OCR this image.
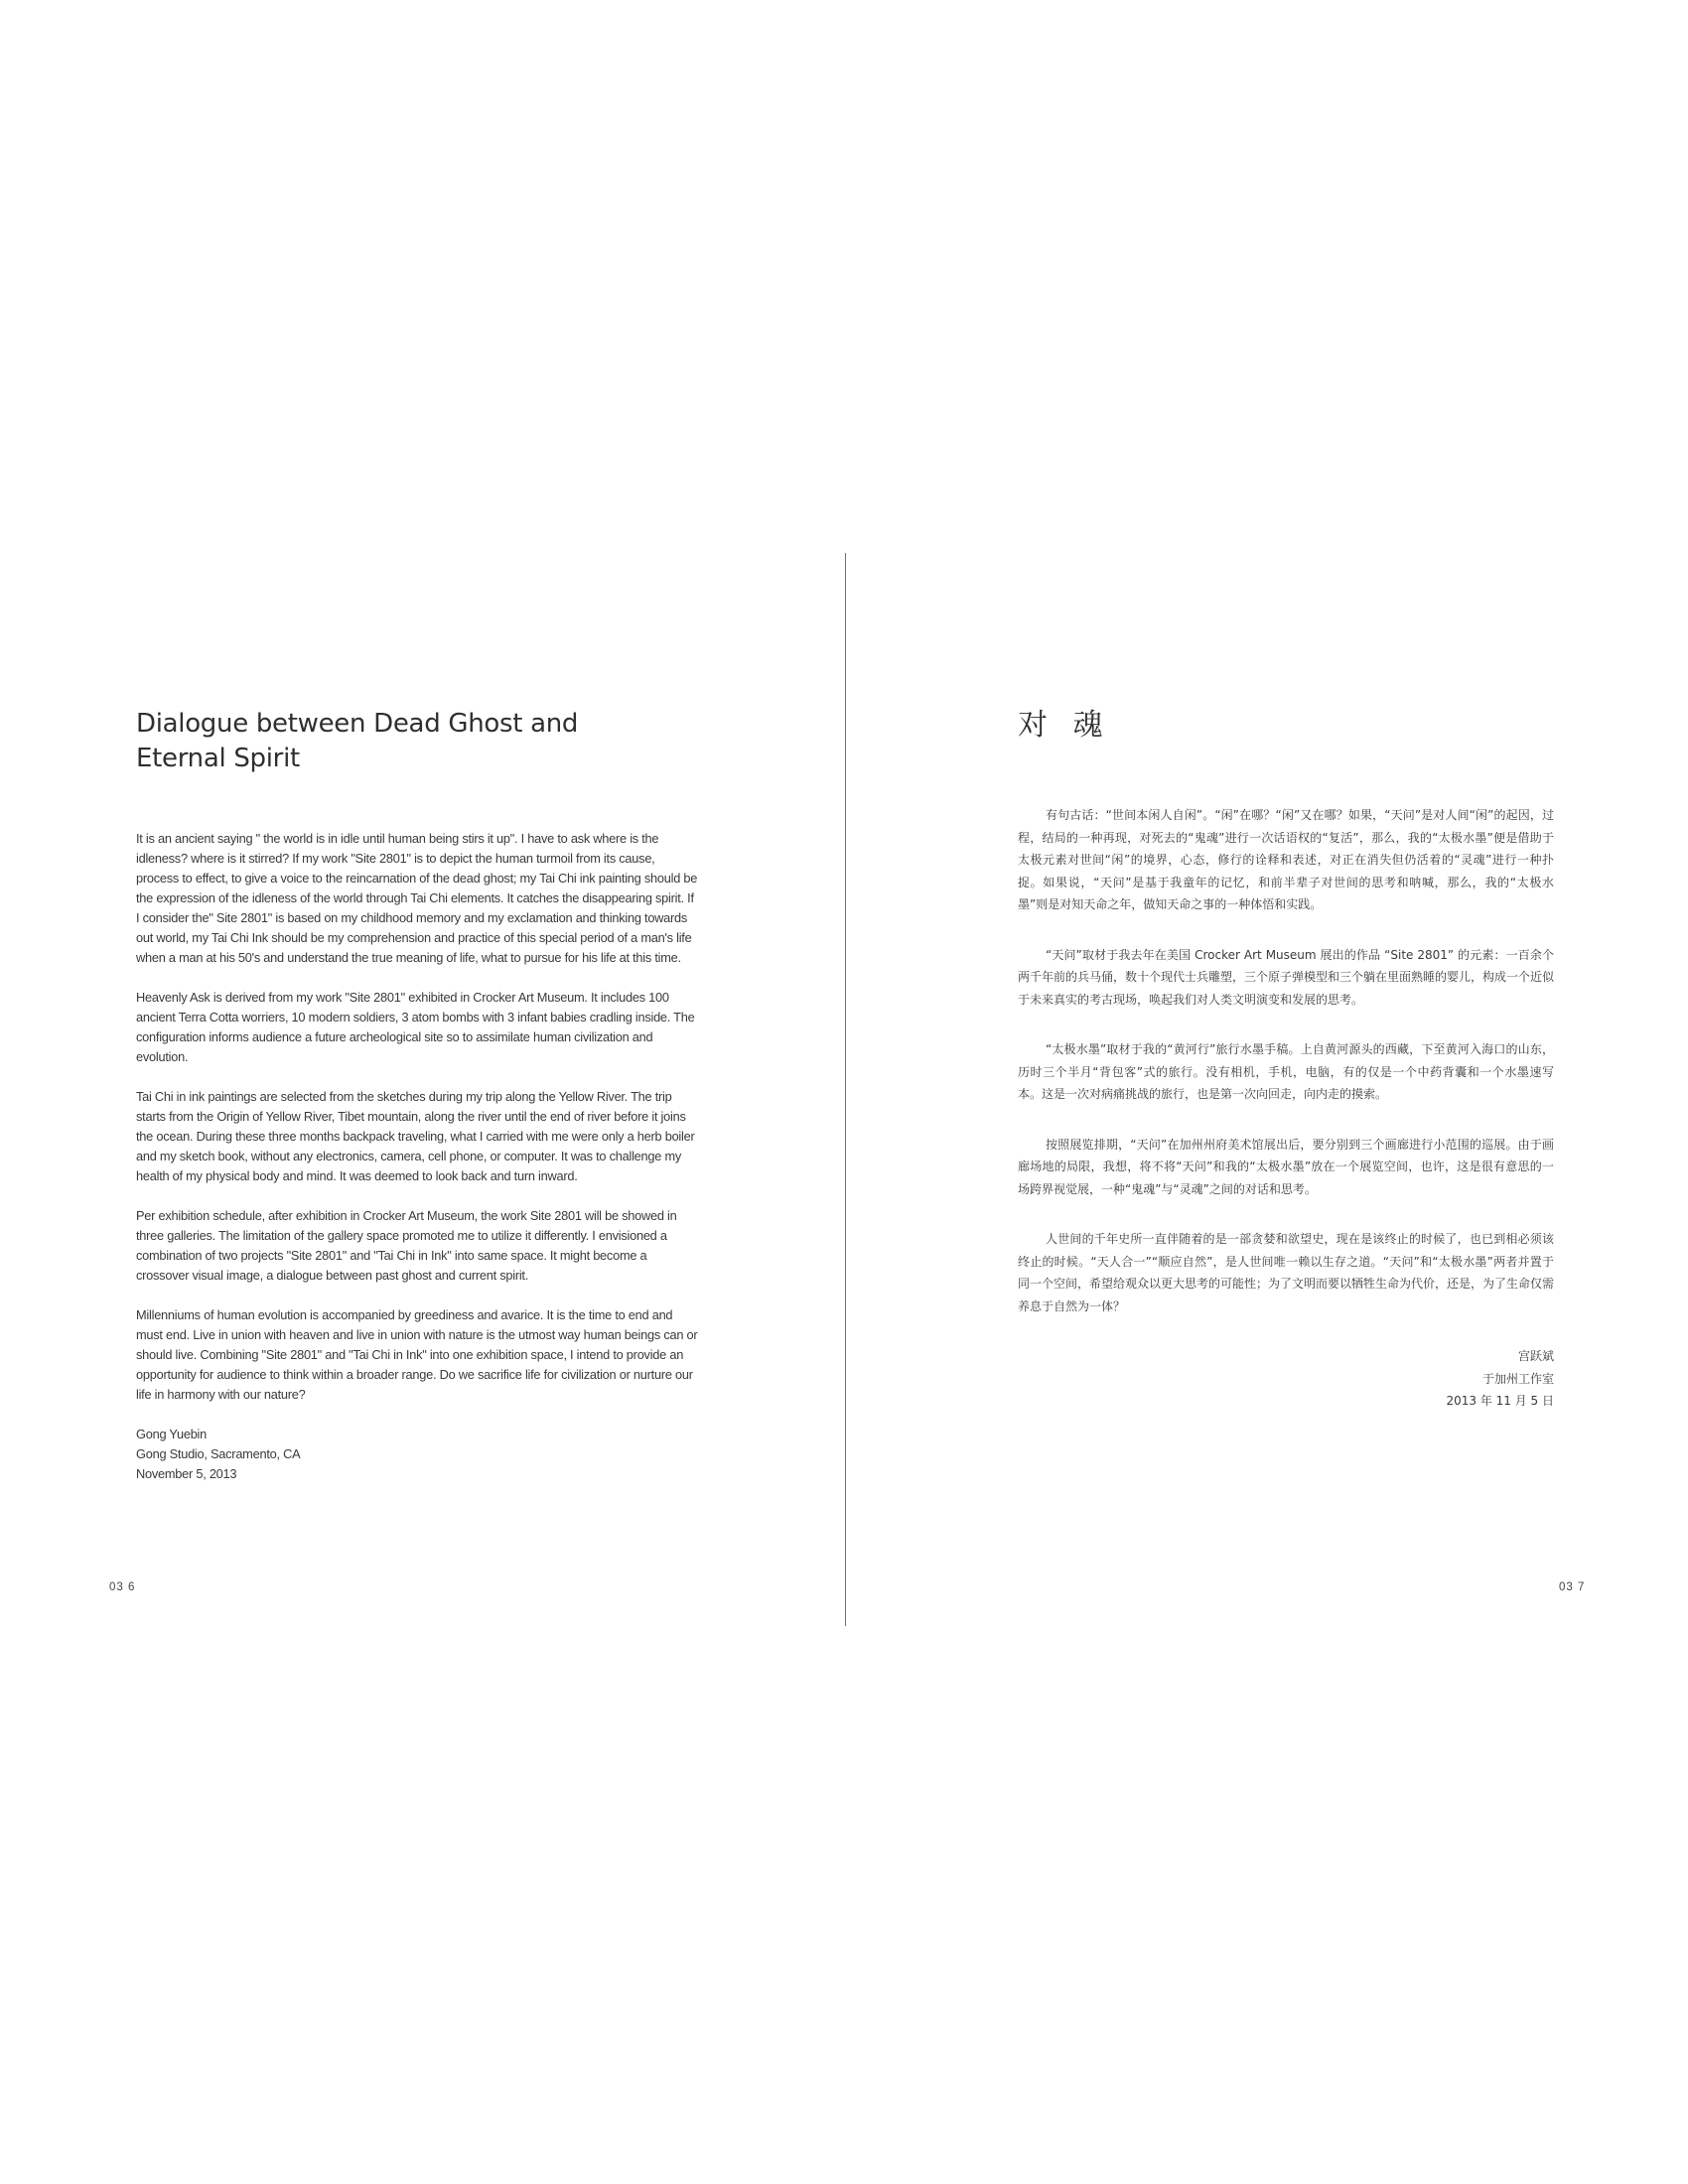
Dialogue between Dead Ghost and
Eternal Spirit

It is an ancient saying " the world is in idle until human being stirs it up". I have to ask where is the idleness? where is it stirred? If my work "Site 2801" is to depict the human turmoil from its cause, process to effect, to give a voice to the reincarnation of the dead ghost; my Tai Chi ink painting should be the expression of the idleness of the world through Tai Chi elements. It catches the disappearing spirit. If I consider the" Site 2801" is based on my childhood memory and my exclamation and thinking towards out world, my Tai Chi Ink should be my comprehension and practice of this special period of a man's life when a man at his 50's and understand the true meaning of life, what to pursue for his life at this time.

Heavenly Ask is derived from my work "Site 2801" exhibited in Crocker Art Museum. It includes 100 ancient Terra Cotta worriers, 10 modern soldiers, 3 atom bombs with 3 infant babies cradling inside. The configuration informs audience a future archeological site so to assimilate human civilization and evolution.

Tai Chi in ink paintings are selected from the sketches during my trip along the Yellow River. The trip starts from the Origin of Yellow River, Tibet mountain, along the river until the end of river before it joins the ocean. During these three months backpack traveling, what I carried with me were only a herb boiler and my sketch book, without any electronics, camera, cell phone, or computer. It was to challenge my health of my physical body and mind. It was deemed to look back and turn inward.

Per exhibition schedule, after exhibition in Crocker Art Museum, the work Site 2801 will be showed in three galleries. The limitation of the gallery space promoted me to utilize it differently. I envisioned a combination of two projects "Site 2801" and "Tai Chi in Ink" into same space. It might become a crossover visual image, a dialogue between past ghost and current spirit.

Millenniums of human evolution is accompanied by greediness and avarice. It is the time to end and must end. Live in union with heaven and live in union with nature is the utmost way human beings can or should live. Combining "Site 2801" and "Tai Chi in Ink" into one exhibition space, I intend to provide an opportunity for audience to think within a broader range. Do we sacrifice life for civilization or nurture our life in harmony with our nature?

Gong Yuebin
Gong Studio, Sacramento, CA
November 5, 2013
对 魂

有句古话：“世间本闲人自闲”。“闲”在哪？“闲”又在哪？如果，“天问”是对人间“闲”的起因，过程，结局的一种再现，对死去的“鬼魂”进行一次话语权的“复活”，那么，我的“太极水墨”便是借助于太极元素对世间“闲”的境界，心态，修行的诠释和表述，对正在消失但仍活着的“灵魂”进行一种扑捉。如果说，“天问”是基于我童年的记忆，和前半辈子对世间的思考和呐喊，那么，我的“太极水墨”则是对知天命之年，做知天命之事的一种体悟和实践。

“天问”取材于我去年在美国 Crocker Art Museum 展出的作品 “Site 2801” 的元素：一百余个两千年前的兵马俑，数十个现代士兵雕塑，三个原子弹模型和三个躺在里面熟睡的婴儿，构成一个近似于未来真实的考古现场，唤起我们对人类文明演变和发展的思考。

“太极水墨”取材于我的“黄河行”旅行水墨手稿。上自黄河源头的西藏，下至黄河入海口的山东，历时三个半月“背包客”式的旅行。没有相机，手机，电脑，有的仅是一个中药背囊和一个水墨速写本。这是一次对病痛挑战的旅行，也是第一次向回走，向内走的摸索。

按照展览排期，“天问”在加州州府美术馆展出后，要分别到三个画廊进行小范围的巡展。由于画廊场地的局限，我想，将不将“天问”和我的“太极水墨”放在一个展览空间，也许，这是很有意思的一场跨界视觉展，一种“鬼魂”与“灵魂”之间的对话和思考。

人世间的千年史所一直伴随着的是一部贪婪和欲望史，现在是该终止的时候了，也已到相必须该终止的时候。“天人合一”“顺应自然”，是人世间唯一赖以生存之道。“天问”和“太极水墨”两者并置于同一个空间，希望给观众以更大思考的可能性；为了文明而要以牺牲生命为代价，还是，为了生命仅需养息于自然为一体？

宫跃斌
于加州工作室
2013 年 11 月 5 日
03 6	03 7
